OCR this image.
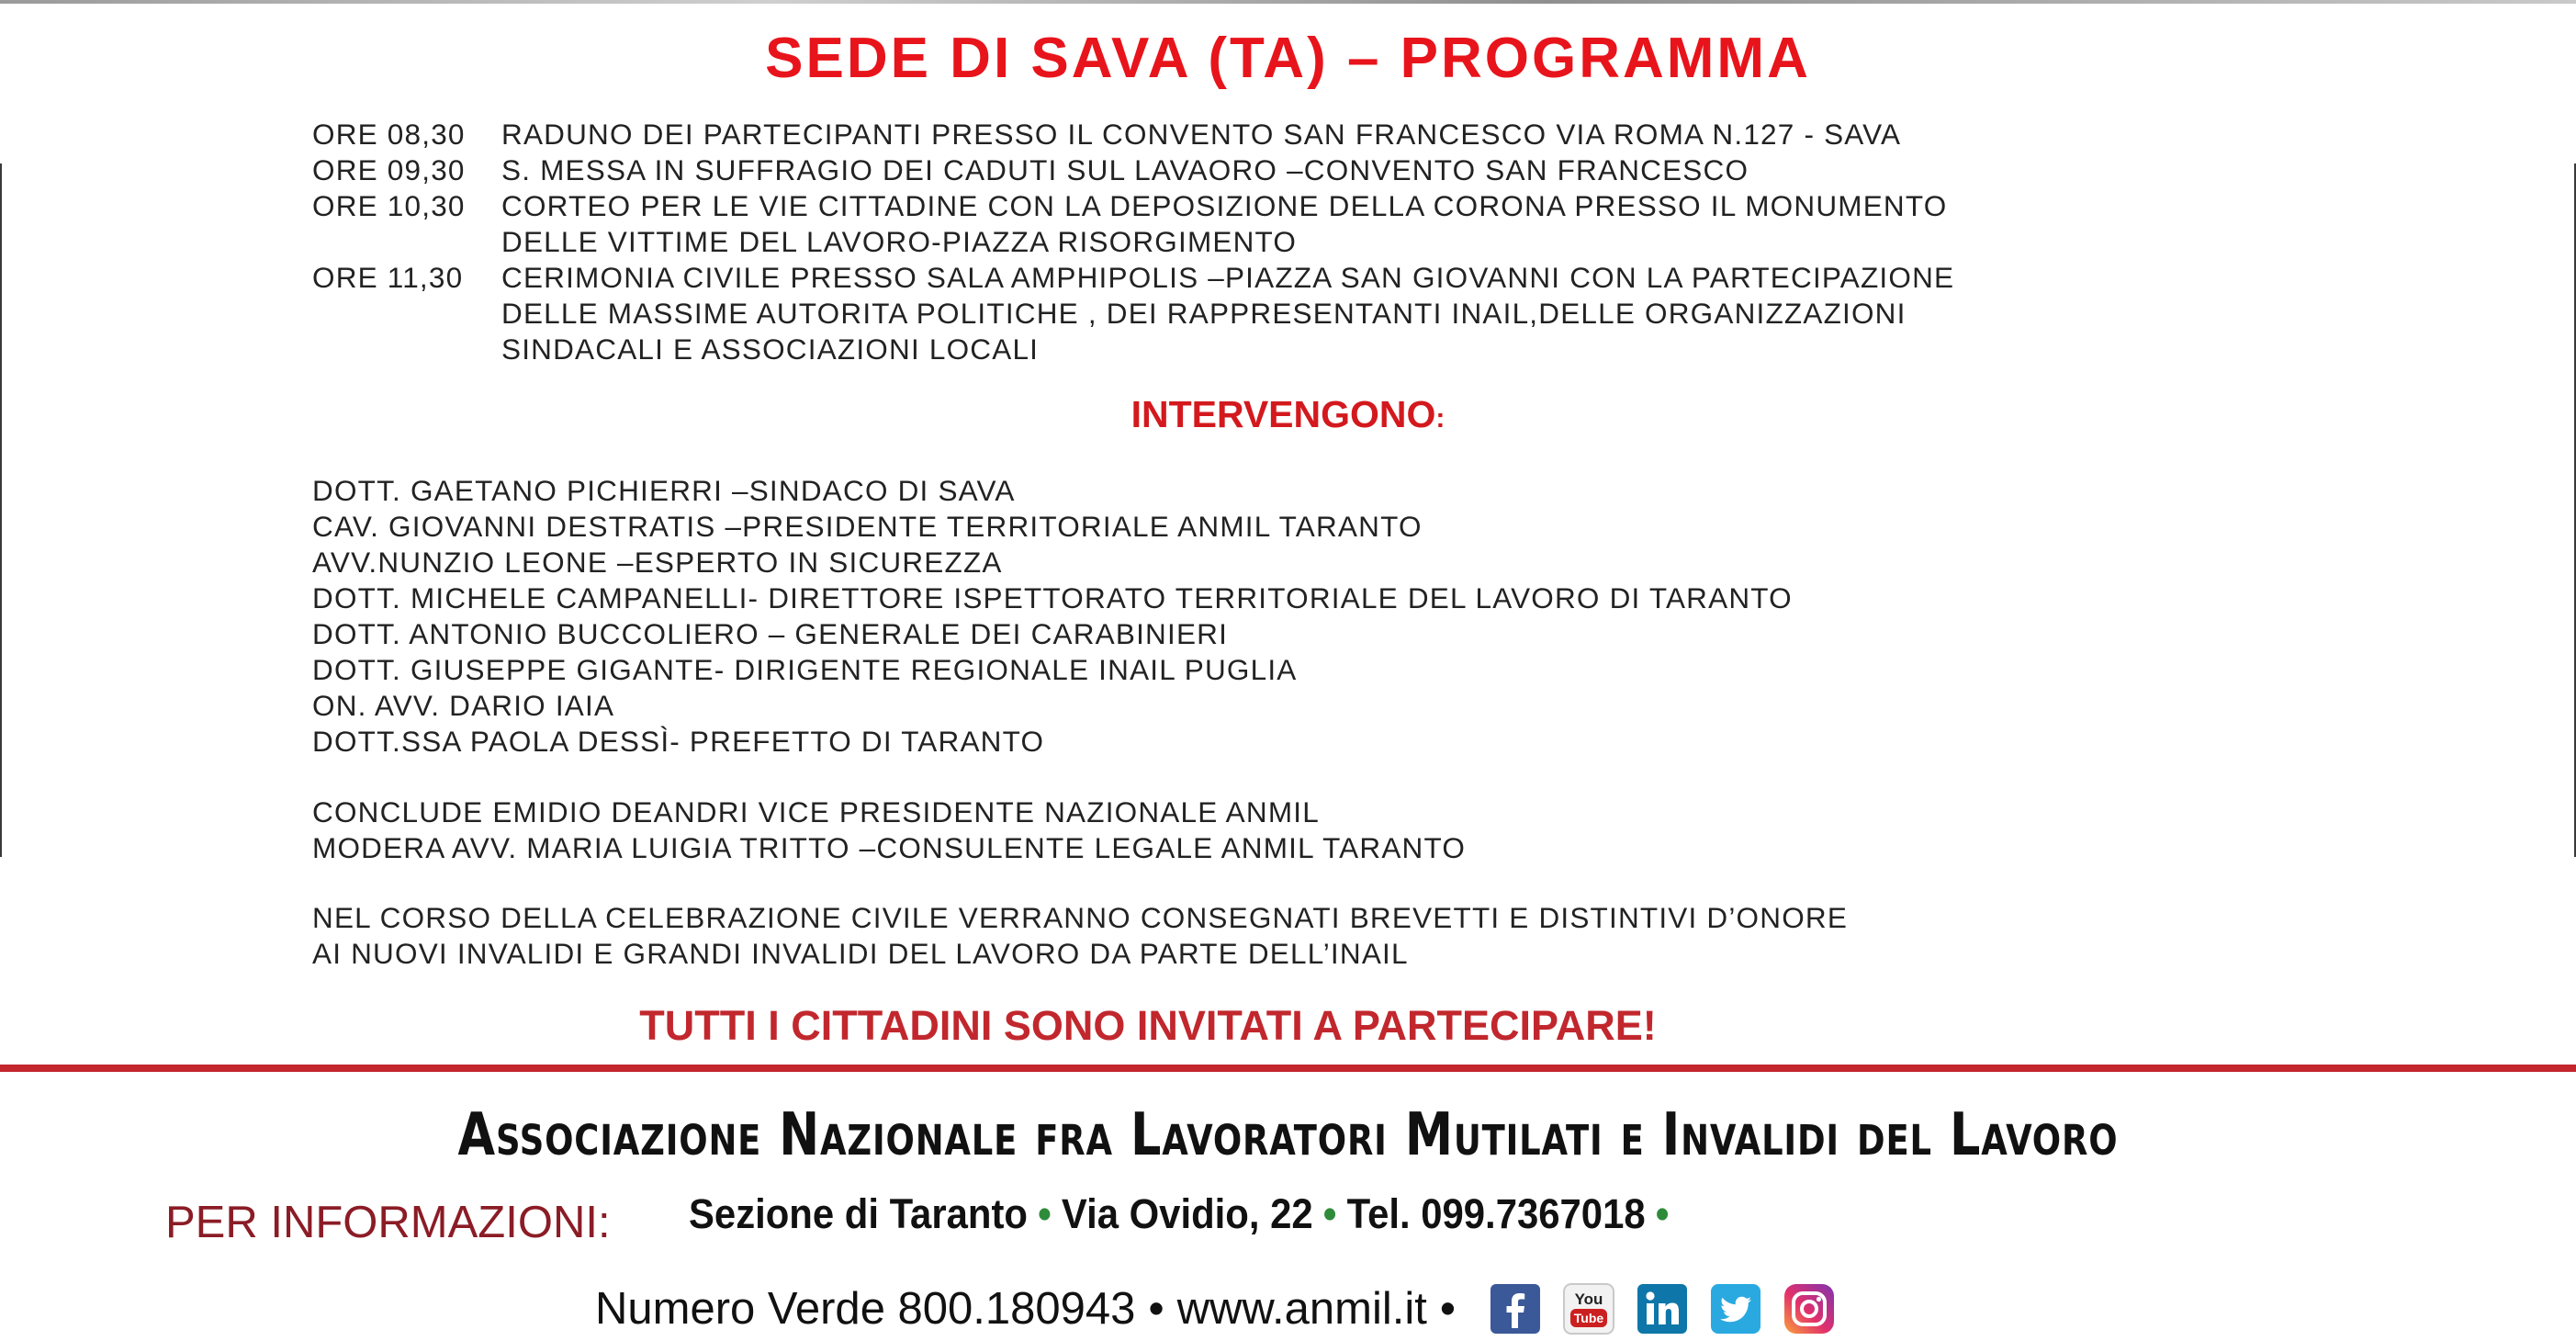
SEDE DI SAVA (TA) – PROGRAMMA
ORE 08,30	RADUNO DEI PARTECIPANTI PRESSO IL CONVENTO SAN FRANCESCO VIA ROMA N.127 - SAVA
ORE 09,30	S. MESSA IN SUFFRAGIO DEI CADUTI SUL LAVAORO –CONVENTO SAN FRANCESCO
ORE 10,30	CORTEO PER LE VIE CITTADINE CON LA DEPOSIZIONE DELLA CORONA PRESSO IL MONUMENTO
DELLE VITTIME DEL LAVORO-PIAZZA RISORGIMENTO
ORE 11,30	CERIMONIA CIVILE PRESSO SALA AMPHIPOLIS –PIAZZA SAN GIOVANNI CON LA PARTECIPAZIONE
DELLE MASSIME AUTORITA POLITICHE , DEI RAPPRESENTANTI INAIL,DELLE ORGANIZZAZIONI
SINDACALI E ASSOCIAZIONI LOCALI
INTERVENGONO:
DOTT. GAETANO PICHIERRI –SINDACO DI SAVA
CAV. GIOVANNI DESTRATIS –PRESIDENTE TERRITORIALE ANMIL TARANTO
AVV.NUNZIO LEONE –ESPERTO IN SICUREZZA
DOTT. MICHELE CAMPANELLI- DIRETTORE ISPETTORATO TERRITORIALE DEL LAVORO DI TARANTO
DOTT. ANTONIO BUCCOLIERO – GENERALE DEI CARABINIERI
DOTT. GIUSEPPE GIGANTE- DIRIGENTE REGIONALE INAIL PUGLIA
ON. AVV. DARIO IAIA
DOTT.SSA PAOLA DESSÌ- PREFETTO DI TARANTO
CONCLUDE EMIDIO DEANDRI VICE PRESIDENTE NAZIONALE ANMIL
MODERA AVV. MARIA LUIGIA TRITTO –CONSULENTE LEGALE ANMIL TARANTO
NEL CORSO DELLA CELEBRAZIONE CIVILE VERRANNO CONSEGNATI BREVETTI E DISTINTIVI D’ONORE
AI NUOVI INVALIDI E GRANDI INVALIDI DEL LAVORO DA PARTE DELL’INAIL
TUTTI I CITTADINI SONO INVITATI A PARTECIPARE!
Associazione Nazionale fra Lavoratori Mutilati e Invalidi del Lavoro
PER INFORMAZIONI: Sezione di Taranto • Via Ovidio, 22 • Tel. 099.7367018 •
Numero Verde 800.180943 • www.anmil.it •	You
Tube
